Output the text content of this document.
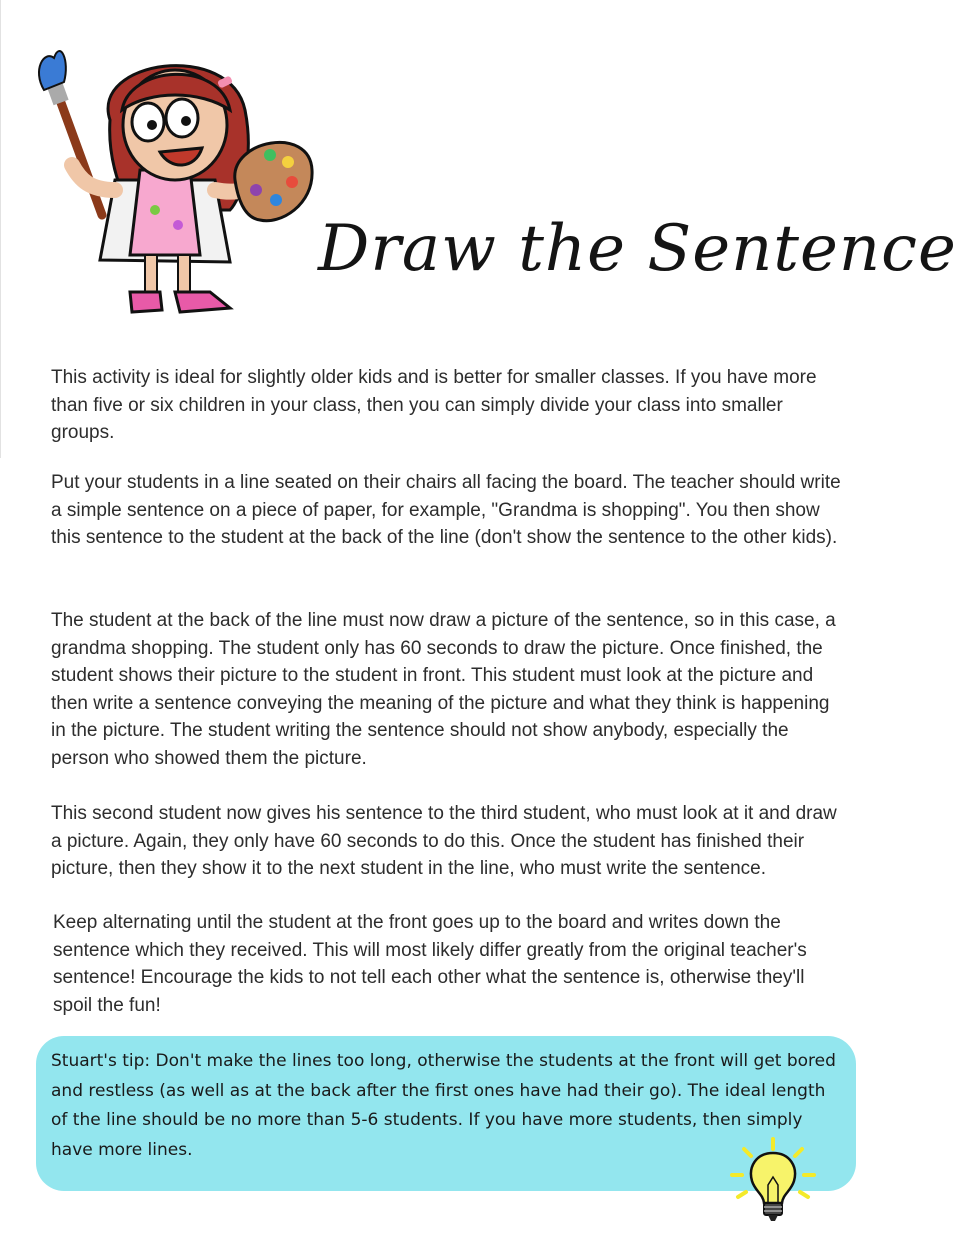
Draw the Sentence

This activity is ideal for slightly older kids and is better for smaller classes. If you have more than five or six children in your class, then you can simply divide your class into smaller groups.

Put your students in a line seated on their chairs all facing the board. The teacher should write a simple sentence on a piece of paper, for example, "Grandma is shopping". You then show this sentence to the student at the back of the line (don't show the sentence to the other kids).

The student at the back of the line must now draw a picture of the sentence, so in this case, a grandma shopping. The student only has 60 seconds to draw the picture. Once finished, the student shows their picture to the student in front. This student must look at the picture and then write a sentence conveying the meaning of the picture and what they think is happening in the picture. The student writing the sentence should not show anybody, especially the person who showed them the picture.

This second student now gives his sentence to the third student, who must look at it and draw a picture. Again, they only have 60 seconds to do this. Once the student has finished their picture, then they show it to the next student in the line, who must write the sentence.

Keep alternating until the student at the front goes up to the board and writes down the sentence which they received. This will most likely differ greatly from the original teacher's sentence! Encourage the kids to not tell each other what the sentence is, otherwise they'll spoil the fun!

Stuart's tip: Don't make the lines too long, otherwise the students at the front will get bored and restless (as well as at the back after the first ones have had their go). The ideal length of the line should be no more than 5-6 students. If you have more students, then simply have more lines.
